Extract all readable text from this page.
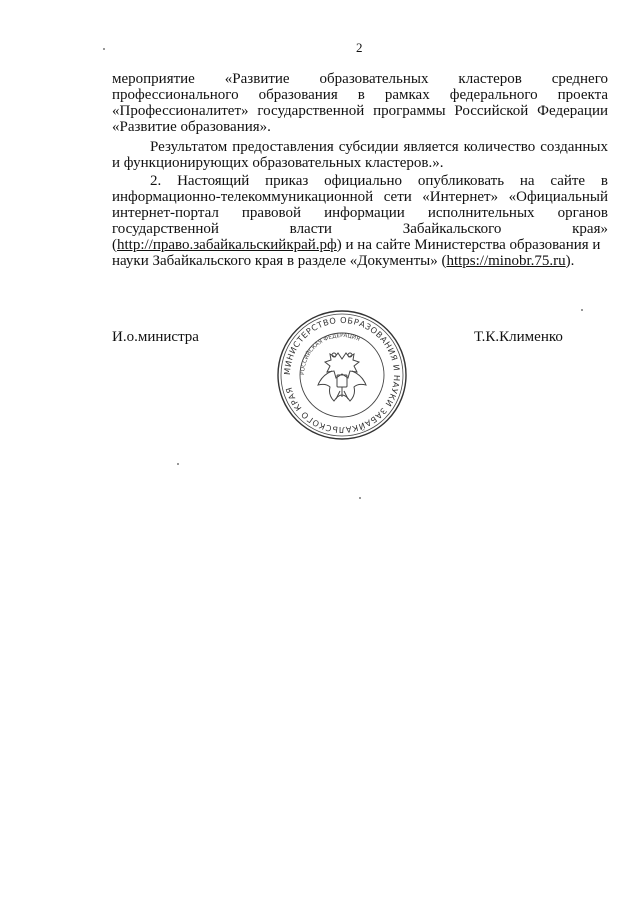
2
мероприятие «Развитие образовательных кластеров среднего
профессионального образования в рамках федерального проекта
«Профессионалитет» государственной программы Российской Федерации
«Развитие образования».
Результатом предоставления субсидии является количество созданных
и функционирующих образовательных кластеров.».
2. Настоящий приказ официально опубликовать на сайте в
информационно-телекоммуникационной сети «Интернет» «Официальный
интернет-портал правовой информации исполнительных органов
государственной власти Забайкальского края»
(http://право.забайкальскийкрай.рф) и на сайте Министерства образования и
науки Забайкальского края в разделе «Документы» (https://minobr.75.ru).
И.о.министра	Т.К.Клименко
МИНИСТЕРСТВО ОБРАЗОВАНИЯ И НАУКИ ЗАБАЙКАЛЬСКОГО КРАЯ
РОССИЙСКАЯ ФЕДЕРАЦИЯ
